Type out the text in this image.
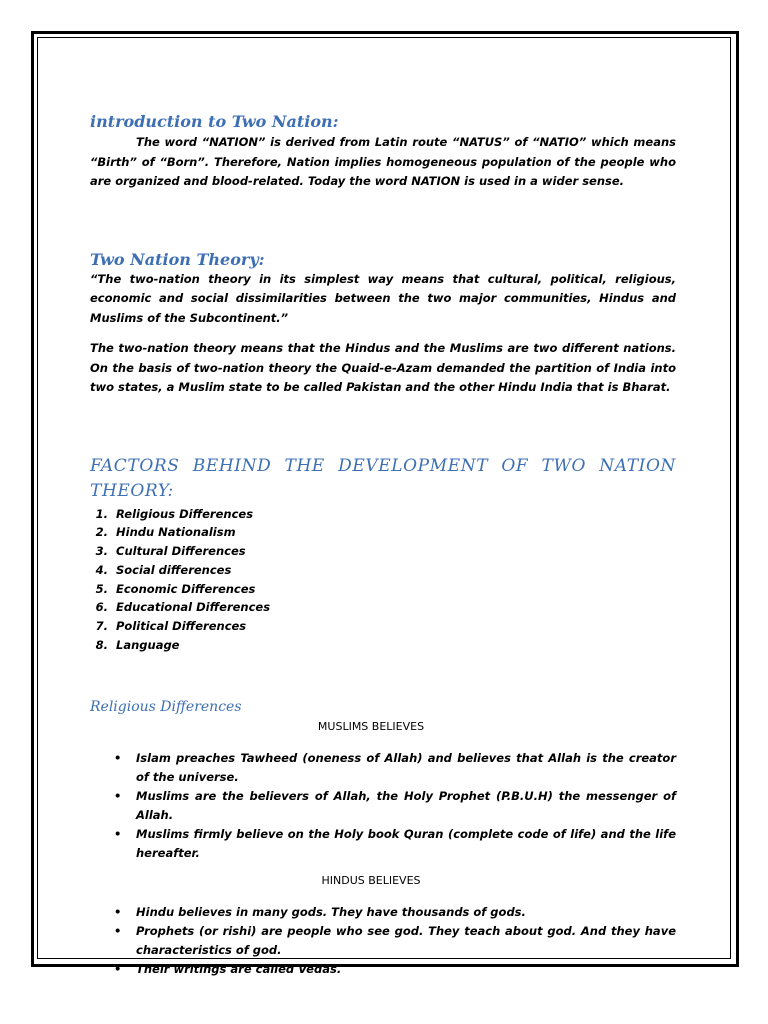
introduction to Two Nation:

The word “NATION” is derived from Latin route “NATUS” of “NATIO” which means “Birth” of “Born”. Therefore, Nation implies homogeneous population of the people who are organized and blood-related. Today the word NATION is used in a wider sense.

Two Nation Theory:

“The two-nation theory in its simplest way means that cultural, political, religious, economic and social dissimilarities between the two major communities, Hindus and Muslims of the Subcontinent.”

The two-nation theory means that the Hindus and the Muslims are two different nations. On the basis of two-nation theory the Quaid-e-Azam demanded the partition of India into two states, a Muslim state to be called Pakistan and the other Hindu India that is Bharat.

FACTORS BEHIND THE DEVELOPMENT OF TWO NATION THEORY:
1. Religious Differences
2. Hindu Nationalism
3. Cultural Differences
4. Social differences
5. Economic Differences
6. Educational Differences
7. Political Differences
8. Language
Religious Differences

MUSLIMS BELIEVES

• Islam preaches Tawheed (oneness of Allah) and believes that Allah is the creator of the universe.
• Muslims are the believers of Allah, the Holy Prophet (P.B.U.H) the messenger of Allah.
• Muslims firmly believe on the Holy book Quran (complete code of life) and the life hereafter.

HINDUS BELIEVES

• Hindu believes in many gods. They have thousands of gods.
• Prophets (or rishi) are people who see god. They teach about god. And they have characteristics of god.
• Their writings are called Vedas.
